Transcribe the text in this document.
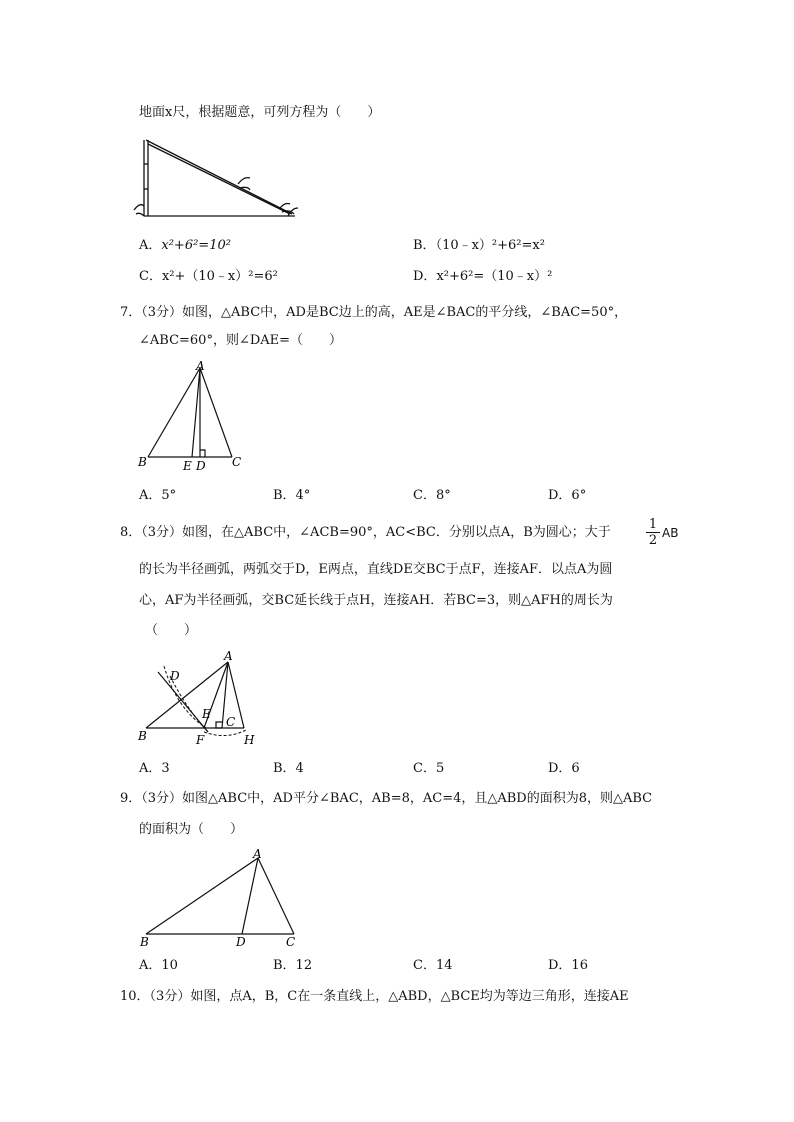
地面x尺，根据题意，可列方程为（　　）
A．x²+6²=10²	B．（10﹣x）²+6²=x²
C．x²+（10﹣x）²=6²	D．x²+6²=（10﹣x）²
7．（3分）如图，△ABC中，AD是BC边上的高，AE是∠BAC的平分线，∠BAC=50°，
∠ABC=60°，则∠DAE=（　　）
A
B	C
D
E
A．5°	B．4°	C．8°	D．6°
8．（3分）如图，在△ABC中，∠ACB=90°，AC<BC．分别以点A，B为圆心；大于
1
2 AB
的长为半径画弧，两弧交于D，E两点，直线DE交BC于点F，连接AF．以点A为圆
心，AF为半径画弧，交BC延长线于点H，连接AH．若BC=3，则△AFH的周长为
（　　）
A
B
C
D
E
F	H
A．3	B．4	C．5	D．6
9．（3分）如图△ABC中，AD平分∠BAC，AB=8，AC=4，且△ABD的面积为8，则△ABC
的面积为（　　）
A
B	C
D
A．10	B．12	C．14	D．16
10．（3分）如图，点A，B，C在一条直线上，△ABD，△BCE均为等边三角形，连接AE
